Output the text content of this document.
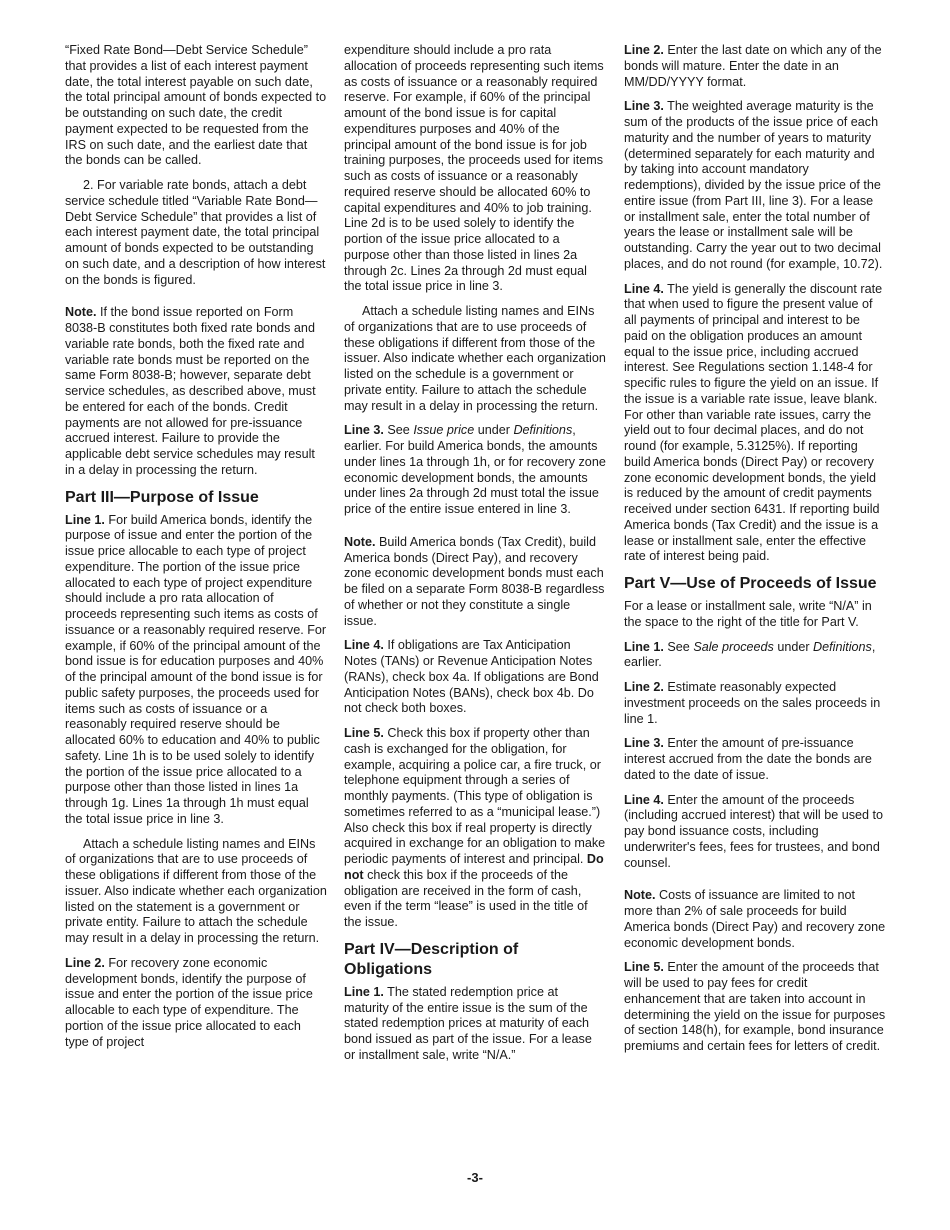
“Fixed Rate Bond—Debt Service Schedule” that provides a list of each interest payment date, the total interest payable on such date, the total principal amount of bonds expected to be outstanding on such date, the credit payment expected to be requested from the IRS on such date, and the earliest date that the bonds can be called.

2. For variable rate bonds, attach a debt service schedule titled “Variable Rate Bond—Debt Service Schedule” that provides a list of each interest payment date, the total principal amount of bonds expected to be outstanding on such date, and a description of how interest on the bonds is figured.

Note. If the bond issue reported on Form 8038-B constitutes both fixed rate bonds and variable rate bonds, both the fixed rate and variable rate bonds must be reported on the same Form 8038-B; however, separate debt service schedules, as described above, must be entered for each of the bonds. Credit payments are not allowed for pre-issuance accrued interest. Failure to provide the applicable debt service schedules may result in a delay in processing the return.

Part III—Purpose of Issue

Line 1. For build America bonds, identify the purpose of issue and enter the portion of the issue price allocable to each type of project expenditure. The portion of the issue price allocated to each type of project expenditure should include a pro rata allocation of proceeds representing such items as costs of issuance or a reasonably required reserve. For example, if 60% of the principal amount of the bond issue is for education purposes and 40% of the principal amount of the bond issue is for public safety purposes, the proceeds used for items such as costs of issuance or a reasonably required reserve should be allocated 60% to education and 40% to public safety. Line 1h is to be used solely to identify the portion of the issue price allocated to a purpose other than those listed in lines 1a through 1g. Lines 1a through 1h must equal the total issue price in line 3.

Attach a schedule listing names and EINs of organizations that are to use proceeds of these obligations if different from those of the issuer. Also indicate whether each organization listed on the statement is a government or private entity. Failure to attach the schedule may result in a delay in processing the return.

Line 2. For recovery zone economic development bonds, identify the purpose of issue and enter the portion of the issue price allocable to each type of expenditure. The portion of the issue price allocated to each type of project

expenditure should include a pro rata allocation of proceeds representing such items as costs of issuance or a reasonably required reserve. For example, if 60% of the principal amount of the bond issue is for capital expenditures purposes and 40% of the principal amount of the bond issue is for job training purposes, the proceeds used for items such as costs of issuance or a reasonably required reserve should be allocated 60% to capital expenditures and 40% to job training. Line 2d is to be used solely to identify the portion of the issue price allocated to a purpose other than those listed in lines 2a through 2c. Lines 2a through 2d must equal the total issue price in line 3.

Attach a schedule listing names and EINs of organizations that are to use proceeds of these obligations if different from those of the issuer. Also indicate whether each organization listed on the schedule is a government or private entity. Failure to attach the schedule may result in a delay in processing the return.

Line 3. See Issue price under Definitions, earlier. For build America bonds, the amounts under lines 1a through 1h, or for recovery zone economic development bonds, the amounts under lines 2a through 2d must total the issue price of the entire issue entered in line 3.

Note. Build America bonds (Tax Credit), build America bonds (Direct Pay), and recovery zone economic development bonds must each be filed on a separate Form 8038-B regardless of whether or not they constitute a single issue.

Line 4. If obligations are Tax Anticipation Notes (TANs) or Revenue Anticipation Notes (RANs), check box 4a. If obligations are Bond Anticipation Notes (BANs), check box 4b. Do not check both boxes.

Line 5. Check this box if property other than cash is exchanged for the obligation, for example, acquiring a police car, a fire truck, or telephone equipment through a series of monthly payments. (This type of obligation is sometimes referred to as a “municipal lease.”) Also check this box if real property is directly acquired in exchange for an obligation to make periodic payments of interest and principal. Do not check this box if the proceeds of the obligation are received in the form of cash, even if the term “lease” is used in the title of the issue.

Part IV—Description of Obligations

Line 1. The stated redemption price at maturity of the entire issue is the sum of the stated redemption prices at maturity of each bond issued as part of the issue. For a lease or installment sale, write “N/A.”

Line 2. Enter the last date on which any of the bonds will mature. Enter the date in an MM/DD/YYYY format.

Line 3. The weighted average maturity is the sum of the products of the issue price of each maturity and the number of years to maturity (determined separately for each maturity and by taking into account mandatory redemptions), divided by the issue price of the entire issue (from Part III, line 3). For a lease or installment sale, enter the total number of years the lease or installment sale will be outstanding. Carry the year out to two decimal places, and do not round (for example, 10.72).

Line 4. The yield is generally the discount rate that when used to figure the present value of all payments of principal and interest to be paid on the obligation produces an amount equal to the issue price, including accrued interest. See Regulations section 1.148-4 for specific rules to figure the yield on an issue. If the issue is a variable rate issue, leave blank. For other than variable rate issues, carry the yield out to four decimal places, and do not round (for example, 5.3125%). If reporting build America bonds (Direct Pay) or recovery zone economic development bonds, the yield is reduced by the amount of credit payments received under section 6431. If reporting build America bonds (Tax Credit) and the issue is a lease or installment sale, enter the effective rate of interest being paid.

Part V—Use of Proceeds of Issue

For a lease or installment sale, write “N/A” in the space to the right of the title for Part V.

Line 1. See Sale proceeds under Definitions, earlier.

Line 2. Estimate reasonably expected investment proceeds on the sales proceeds in line 1.

Line 3. Enter the amount of pre-issuance interest accrued from the date the bonds are dated to the date of issue.

Line 4. Enter the amount of the proceeds (including accrued interest) that will be used to pay bond issuance costs, including underwriter's fees, fees for trustees, and bond counsel.

Note. Costs of issuance are limited to not more than 2% of sale proceeds for build America bonds (Direct Pay) and recovery zone economic development bonds.

Line 5. Enter the amount of the proceeds that will be used to pay fees for credit enhancement that are taken into account in determining the yield on the issue for purposes of section 148(h), for example, bond insurance premiums and certain fees for letters of credit.

-3-
